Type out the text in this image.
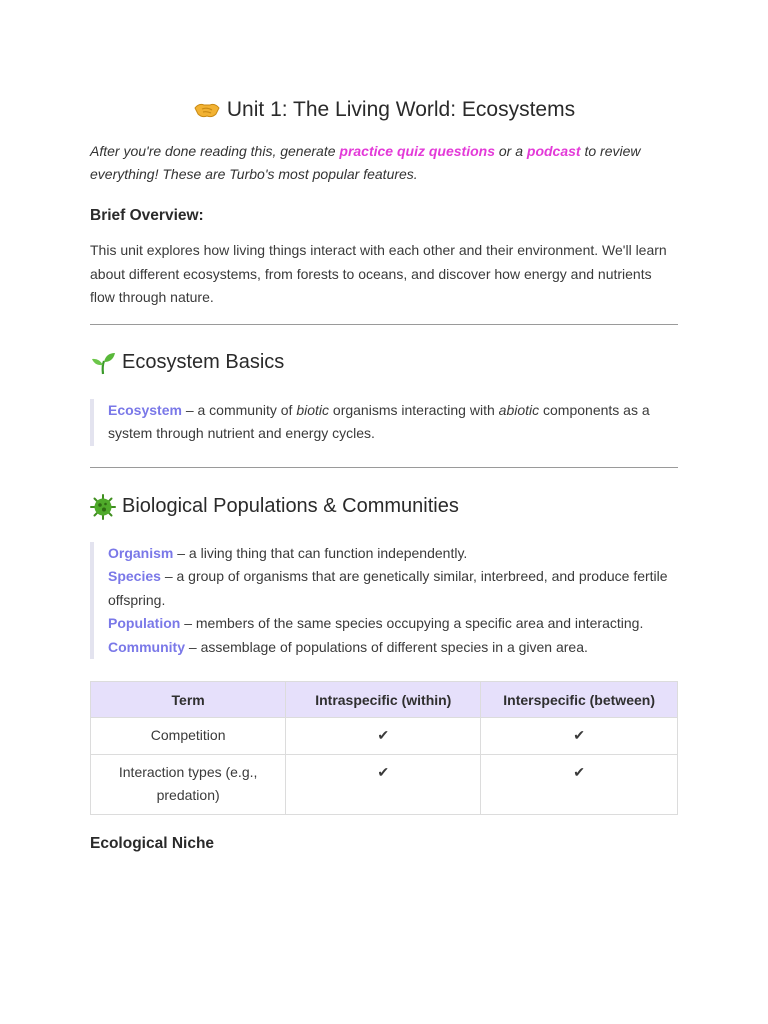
Unit 1: The Living World: Ecosystems
After you're done reading this, generate practice quiz questions or a podcast to review everything! These are Turbo's most popular features.
Brief Overview:
This unit explores how living things interact with each other and their environment. We'll learn about different ecosystems, from forests to oceans, and discover how energy and nutrients flow through nature.
Ecosystem Basics
Ecosystem – a community of biotic organisms interacting with abiotic components as a system through nutrient and energy cycles.
Biological Populations & Communities

Organism – a living thing that can function independently.

Species – a group of organisms that are genetically similar, interbreed, and produce fertile offspring.

Population – members of the same species occupying a specific area and interacting.

Community – assemblage of populations of different species in a given area.

Term	Intraspecific (within)	Interspecific (between)
Competition	✔	✔
Interaction types (e.g., predation)	✔	✔
Ecological Niche
